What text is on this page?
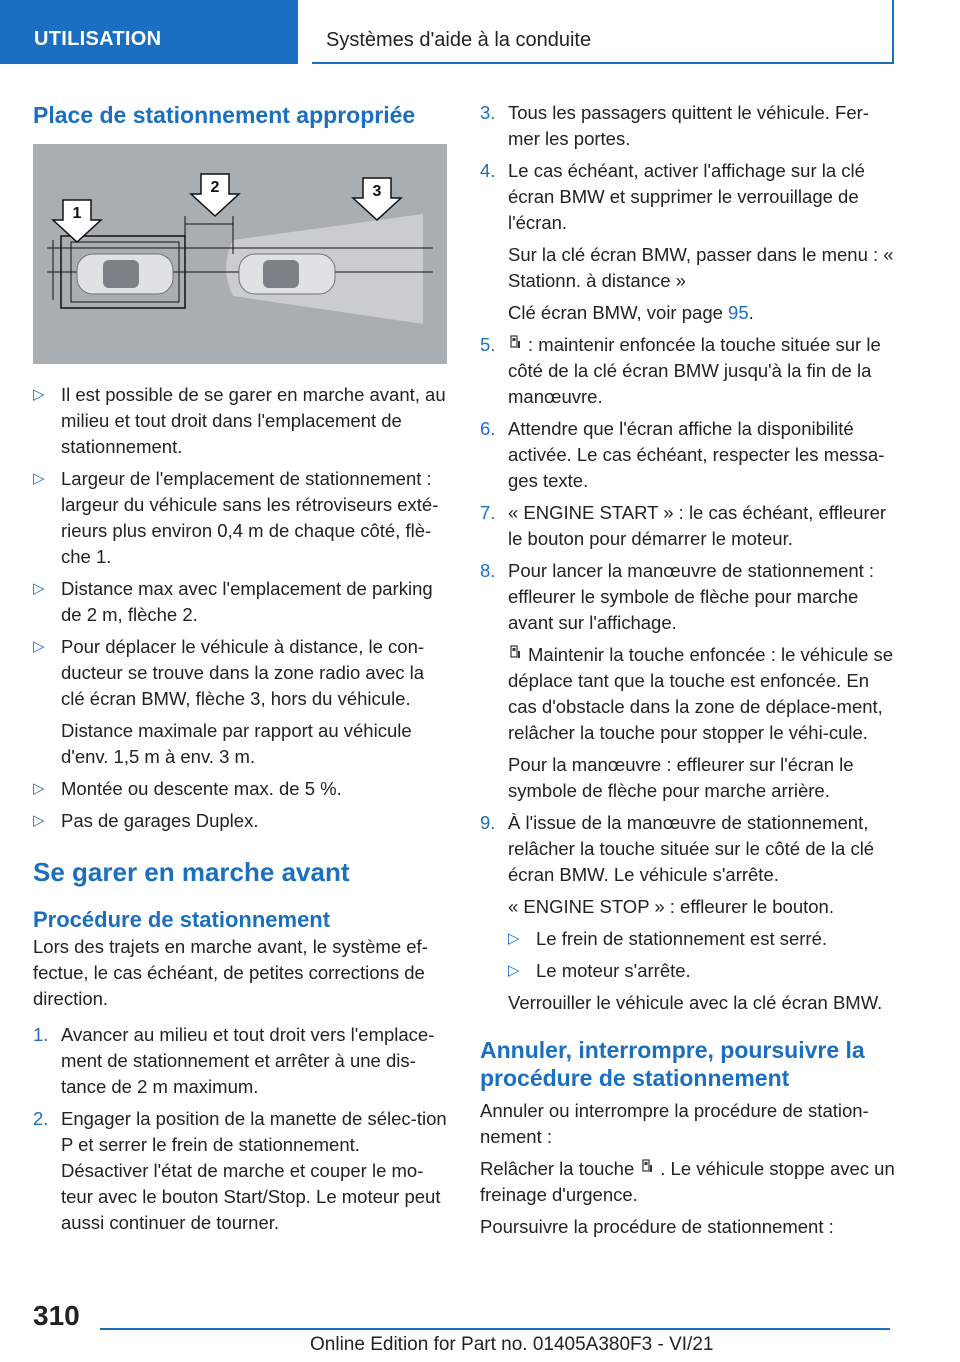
UTILISATION	Systèmes d'aide à la conduite
Place de stationnement appropriée
1
2	3
▷ Il est possible de se garer en marche avant, au milieu et tout droit dans l'emplacement de stationnement.
▷ Largeur de l'emplacement de stationnement : largeur du véhicule sans les rétroviseurs exté‐rieurs plus environ 0,4 m de chaque côté, flè‐che 1.
▷ Distance max avec l'emplacement de parking de 2 m, flèche 2.
▷ Pour déplacer le véhicule à distance, le con‐ducteur se trouve dans la zone radio avec la clé écran BMW, flèche 3, hors du véhicule.
Distance maximale par rapport au véhicule d'env. 1,5 m à env. 3 m.
▷ Montée ou descente max. de 5 %.
▷ Pas de garages Duplex.
Se garer en marche avant
Procédure de stationnement
Lors des trajets en marche avant, le système ef‐fectue, le cas échéant, de petites corrections de direction.
1. Avancer au milieu et tout droit vers l'emplace‐ment de stationnement et arrêter à une dis‐tance de 2 m maximum.
2. Engager la position de la manette de sélec‐tion P et serrer le frein de stationnement. Désactiver l'état de marche et couper le mo‐teur avec le bouton Start/Stop. Le moteur peut aussi continuer de tourner.
3. Tous les passagers quittent le véhicule. Fer‐mer les portes.
4. Le cas échéant, activer l'affichage sur la clé écran BMW et supprimer le verrouillage de l'écran.
Sur la clé écran BMW, passer dans le menu : « Stationn. à distance »
Clé écran BMW, voir page 95.
5. : maintenir enfoncée la touche située sur le côté de la clé écran BMW jusqu'à la fin de la manœuvre.
6. Attendre que l'écran affiche la disponibilité activée. Le cas échéant, respecter les messa‐ges texte.
7. « ENGINE START » : le cas échéant, effleurer le bouton pour démarrer le moteur.
8. Pour lancer la manœuvre de stationnement : effleurer le symbole de flèche pour marche avant sur l'affichage.
Maintenir la touche enfoncée : le véhicule se déplace tant que la touche est enfoncée. En cas d'obstacle dans la zone de déplace‐ment, relâcher la touche pour stopper le véhi‐cule.
Pour la manœuvre : effleurer sur l'écran le symbole de flèche pour marche arrière.
9. À l'issue de la manœuvre de stationnement, relâcher la touche située sur le côté de la clé écran BMW. Le véhicule s'arrête.
« ENGINE STOP » : effleurer le bouton.
▷ Le frein de stationnement est serré.
▷ Le moteur s'arrête.
Verrouiller le véhicule avec la clé écran BMW.
Annuler, interrompre, poursuivre la procédure de stationnement
Annuler ou interrompre la procédure de station‐nement :
Relâcher la touche . Le véhicule stoppe avec un freinage d'urgence.
Poursuivre la procédure de stationnement :
310
Online Edition for Part no. 01405A380F3 - VI/21
